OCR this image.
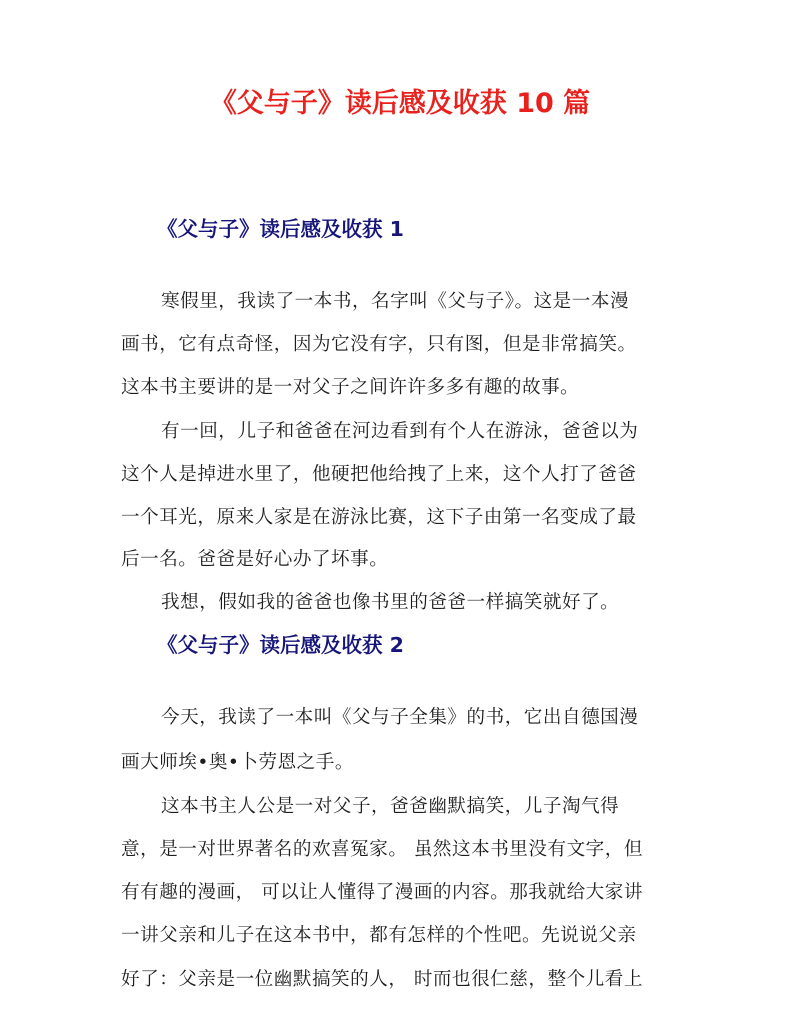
《父与子》读后感及收获 10 篇
《父与子》读后感及收获 1
寒假里，我读了一本书，名字叫《父与子》。这是一本漫
画书，它有点奇怪，因为它没有字，只有图，但是非常搞笑。
这本书主要讲的是一对父子之间许许多多有趣的故事。
有一回，儿子和爸爸在河边看到有个人在游泳，爸爸以为
这个人是掉进水里了，他硬把他给拽了上来，这个人打了爸爸
一个耳光，原来人家是在游泳比赛，这下子由第一名变成了最
后一名。爸爸是好心办了坏事。
我想，假如我的爸爸也像书里的爸爸一样搞笑就好了。
《父与子》读后感及收获 2
今天，我读了一本叫《父与子全集》的书，它出自德国漫
画大师埃•奥•卜劳恩之手。
这本书主人公是一对父子，爸爸幽默搞笑，儿子淘气得
意，是一对世界著名的欢喜冤家。 虽然这本书里没有文字，但
有有趣的漫画， 可以让人懂得了漫画的内容。那我就给大家讲
一讲父亲和儿子在这本书中，都有怎样的个性吧。先说说父亲
好了：父亲是一位幽默搞笑的人， 时而也很仁慈，整个儿看上
